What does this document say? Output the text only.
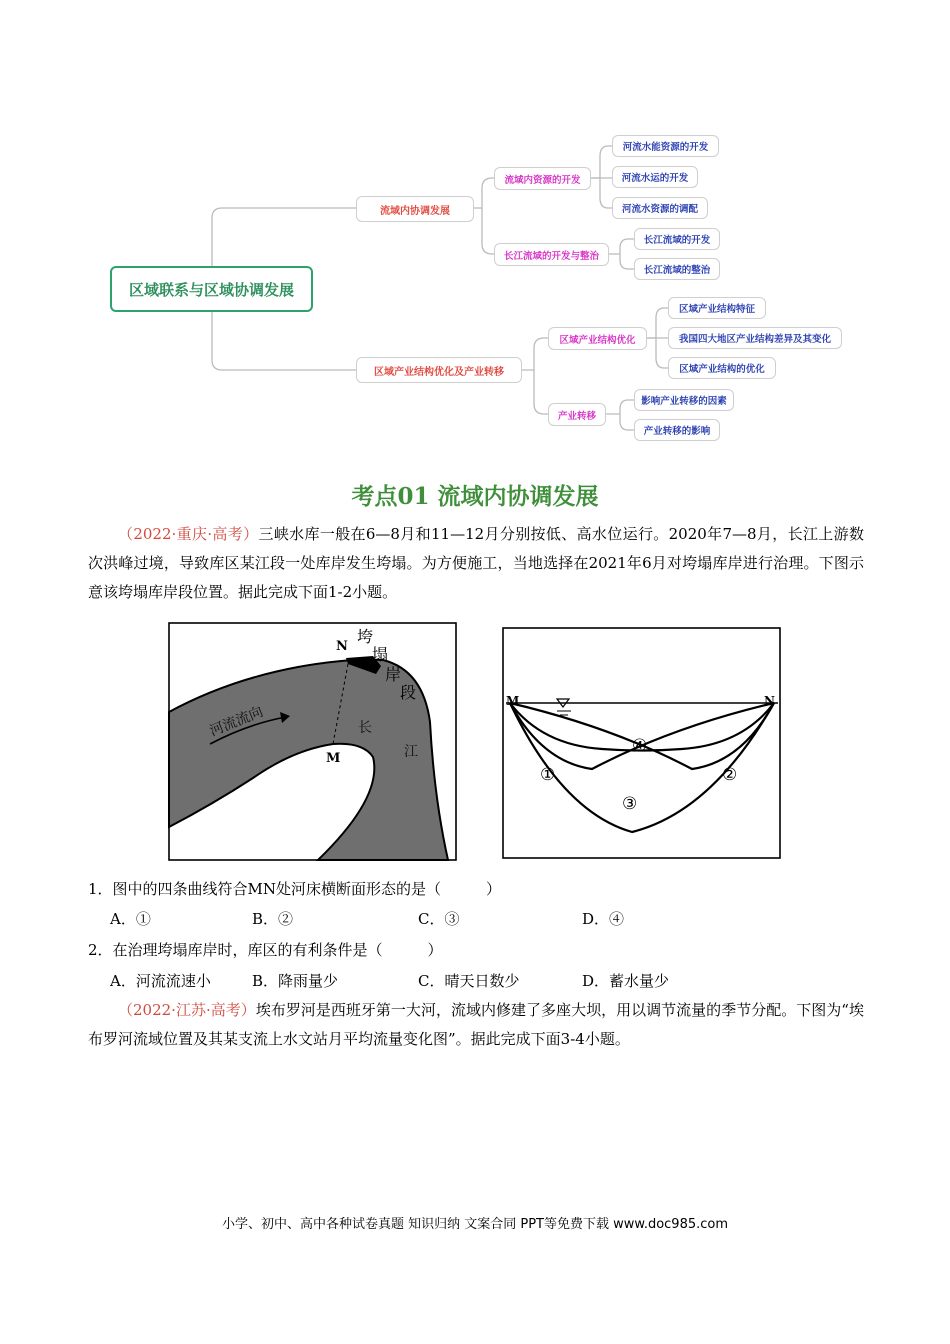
区域联系与区域协调发展
流域内协调发展
区域产业结构优化及产业转移
流域内资源的开发
长江流域的开发与整治
河流水能资源的开发
河流水运的开发
河流水资源的调配
长江流域的开发
长江流域的整治
区域产业结构优化
产业转移
区域产业结构特征
我国四大地区产业结构差异及其变化
区域产业结构的优化
影响产业转移的因素
产业转移的影响
考点01 流域内协调发展
（2022·重庆·高考）三峡水库一般在6—8月和11—12月分别按低、高水位运行。2020年7—8月，长江上游数次洪峰过境，导致库区某江段一处库岸发生垮塌。为方便施工，当地选择在2021年6月对垮塌库岸进行治理。下图示意该垮塌库岸段位置。据此完成下面1-2小题。
N
M
垮
塌
岸
段
河流流向	长
江
M	N
①	②
③
④
1．图中的四条曲线符合MN处河床横断面形态的是（　　　）
A．①	B．②	C．③	D．④
2．在治理垮塌库岸时，库区的有利条件是（　　　）
A．河流流速小	B．降雨量少	C．晴天日数少	D．蓄水量少
（2022·江苏·高考）埃布罗河是西班牙第一大河，流域内修建了多座大坝，用以调节流量的季节分配。下图为“埃布罗河流域位置及其某支流上水文站月平均流量变化图”。据此完成下面3-4小题。
小学、初中、高中各种试卷真题 知识归纳 文案合同 PPT等免费下载 www.doc985.com
